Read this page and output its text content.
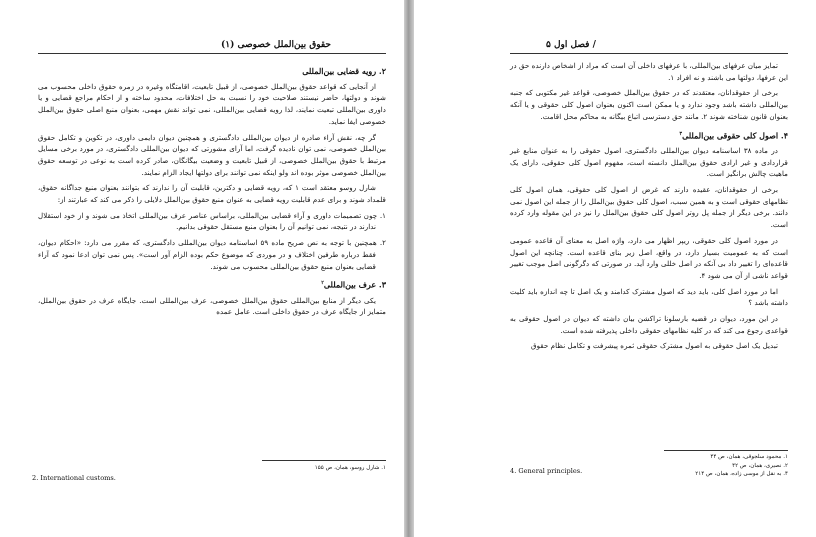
حقوق بین‌الملل خصوصی (۱)
۲. رویه قضایی بین‌المللی

از آنجایی که قواعد حقوق بین‌الملل خصوصی، از قبیل تابعیت، اقامتگاه وغیره در زمره حقوق داخلی محسوب می شوند و دولتها، حاضر نیستند صلاحیت خود را نسبت به حل اختلافات، محدود ساخته و از احکام مراجع قضایی و یا داوری بین‌المللی تبعیت نمایند، لذا رویه قضایی بین‌المللی، نمی تواند نقش مهمی، بعنوان منبع اصلی حقوق بین‌الملل خصوصی ایفا نماید.

گر چه، نقش آراء صادره از دیوان بین‌المللی دادگستری و همچنین دیوان دایمی داوری، در تکوین و تکامل حقوق بین‌الملل خصوصی، نمی توان نادیده گرفت، اما آرای مشورتی که دیوان بین‌المللی دادگستری، در مورد برخی مسایل مرتبط با حقوق بین‌الملل خصوصی، از قبیل تابعیت و وضعیت بیگانگان، صادر کرده است به نوعی در توسعه حقوق بین‌الملل خصوصی موثر بوده اند ولو اینکه نمی توانند برای دولتها ایجاد الزام نمایند.

شارل روسو معتقد است ۱ که، رویه قضایی و دکترین، قابلیت آن را ندارند که بتوانند بعنوان منبع جداگانه حقوق، قلمداد شوند و برای عدم قابلیت رویه قضایی به عنوان منبع حقوق بین‌الملل دلایلی را ذکر می کند که عبارتند از:

۱. چون تصمیمات داوری و آراء قضایی بین‌المللی، براساس عناصر عرف بین‌المللی اتخاذ می شوند و از خود استقلال ندارند در نتیجه، نمی توانیم آن را بعنوان منبع مستقل حقوقی بدانیم.

۲. همچنین با توجه به نص صریح ماده ۵۹ اساسنامه دیوان بین‌المللی دادگستری، که مقرر می دارد: «احکام دیوان، فقط درباره طرفین اختلاف و در موردی که موضوع حکم بوده الزام آور است». پس نمی توان ادعا نمود که آراء قضایی بعنوان منبع حقوق بین‌المللی محسوب می شوند.

۳. عرف بین‌المللی$^۲$

یکی دیگر از منابع بین‌المللی حقوق بین‌الملل خصوصی، عرف بین‌المللی است. جایگاه عرف در حقوق بین‌الملل، متمایز از جایگاه عرف در حقوق داخلی است. عامل عمده

۱. شارل روسو، همان، ص ۱۵۵
2. International customs.
۵ فصل اول /

تمایز میان عرفهای بین‌المللی، با عرفهای داخلی آن است که مراد از اشخاص دارنده حق در این عرفها، دولتها می باشند و نه افراد ۱.

برخی از حقوقدانان، معتقدند که در حقوق بین‌الملل خصوصی، قواعد غیر مکتوبی که جنبه بین‌المللی داشته باشد وجود ندارد و یا ممکن است اکنون بعنوان اصول کلی حقوقی و یا آنکه بعنوان قانون شناخته شوند ۲. مانند حق دسترسی اتباع بیگانه به محاکم محل اقامت.

۴. اصول کلی حقوقی بین‌المللی$^۳$

در ماده ۳۸ اساسنامه دیوان بین‌المللی دادگستری، اصول حقوقی را به عنوان منابع غیر قراردادی و غیر ارادی حقوق بین‌الملل دانسته است، مفهوم اصول کلی حقوقی، دارای یک ماهیت چالش برانگیز است.

برخی از حقوقدانان، عقیده دارند که غرض از اصول کلی حقوقی، همان اصول کلی نظامهای حقوقی است و به همین سبب، اصول کلی حقوق بین‌الملل را از جمله این اصول نمی دانند. برخی دیگر از جمله پل روتر اصول کلی حقوق بین‌الملل را نیز در این مقوله وارد کرده است.

در مورد اصول کلی حقوقی، ریپر اظهار می دارد، واژه اصل به معنای آن قاعده عمومی است که به عمومیت بسیار دارد، در واقع، اصل زیر بنای قاعده است. چنانچه این اصول قاعده‌ای را تغییر داد بی آنکه در اصل خللی وارد آید. در صورتی که دگرگونی اصل موجب تغییر قواعد ناشی از آن می شود ۴.

اما در مورد اصل کلی، باید دید که اصول مشترک کدامند و یک اصل تا چه اندازه باید کلیت داشته باشد ؟

در این مورد، دیوان در قضیه بارسلونا تراکشن بیان داشته که دیوان در اصول حقوقی به قواعدی رجوع می کند که در کلیه نظامهای حقوقی داخلی پذیرفته شده است.

تبدیل یک اصل حقوقی به اصول مشترک حقوقی ثمره پیشرفت و تکامل نظام حقوق

۱. محمود سلجوقی، همان، ص ۴۴
۲. نصیری، همان، ص ۴۲
۴. به نقل از موسی زاده، همان، ص ۲۱۴
4. General principles.
